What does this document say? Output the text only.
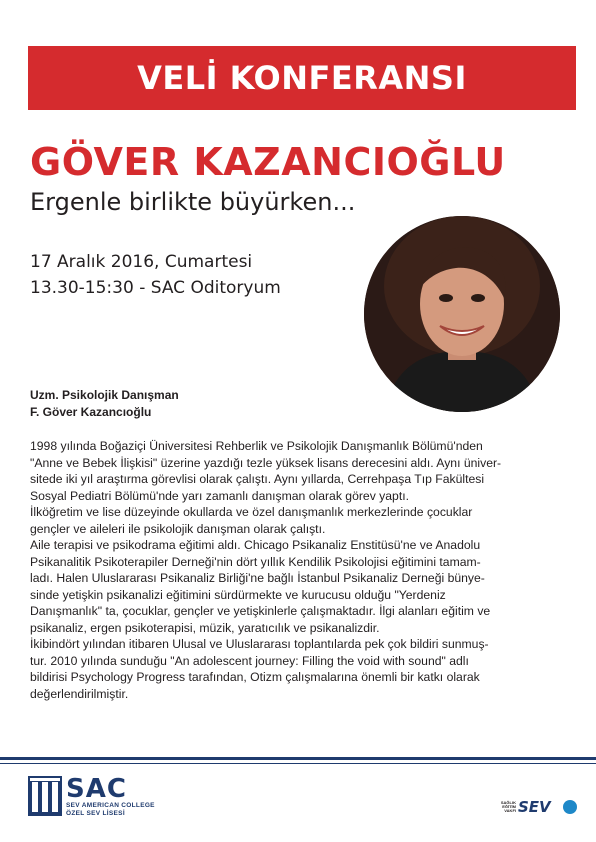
VELİ KONFERANSI
GÖVER KAZANCIOĞLU
Ergenle birlikte büyürken...
17 Aralık 2016, Cumartesi
13.30-15:30 - SAC Oditoryum
Uzm. Psikolojik Danışman
F. Göver Kazancıoğlu

1998 yılında Boğaziçi Üniversitesi Rehberlik ve Psikolojik Danışmanlık Bölümü'nden

"Anne ve Bebek İlişkisi" üzerine yazdığı tezle yüksek lisans derecesini aldı. Aynı üniver-

sitede iki yıl araştırma görevlisi olarak çalıştı. Aynı yıllarda, Cerrehpaşa Tıp Fakültesi

Sosyal Pediatri Bölümü'nde yarı zamanlı danışman olarak görev yaptı.

İlköğretim ve lise düzeyinde okullarda ve özel danışmanlık merkezlerinde çocuklar

gençler ve aileleri ile psikolojik danışman olarak çalıştı.

Aile terapisi ve psikodrama eğitimi aldı. Chicago Psikanaliz Enstitüsü'ne ve Anadolu

Psikanalitik Psikoterapiler Derneği'nin dört yıllık Kendilik Psikolojisi eğitimini tamam-

ladı. Halen Uluslararası Psikanaliz Birliği'ne bağlı İstanbul Psikanaliz Derneği bünye-

sinde yetişkin psikanalizi eğitimini sürdürmekte ve kurucusu olduğu "Yerdeniz

Danışmanlık" ta, çocuklar, gençler ve yetişkinlerle çalışmaktadır. İlgi alanları eğitim ve

psikanaliz, ergen psikoterapisi, müzik, yaratıcılık ve psikanalizdir.

İkibindört yılından itibaren Ulusal ve Uluslararası toplantılarda pek çok bildiri sunmuş-

tur. 2010 yılında sunduğu "An adolescent journey: Filling the void with sound" adlı

bildirisi Psychology Progress tarafından, Otizm çalışmalarına önemli bir katkı olarak

değerlendirilmiştir.

SAC
SEV AMERICAN COLLEGE
ÖZEL SEV LİSESİ
SAĞLIK EĞİTİM VAKFI SEV
